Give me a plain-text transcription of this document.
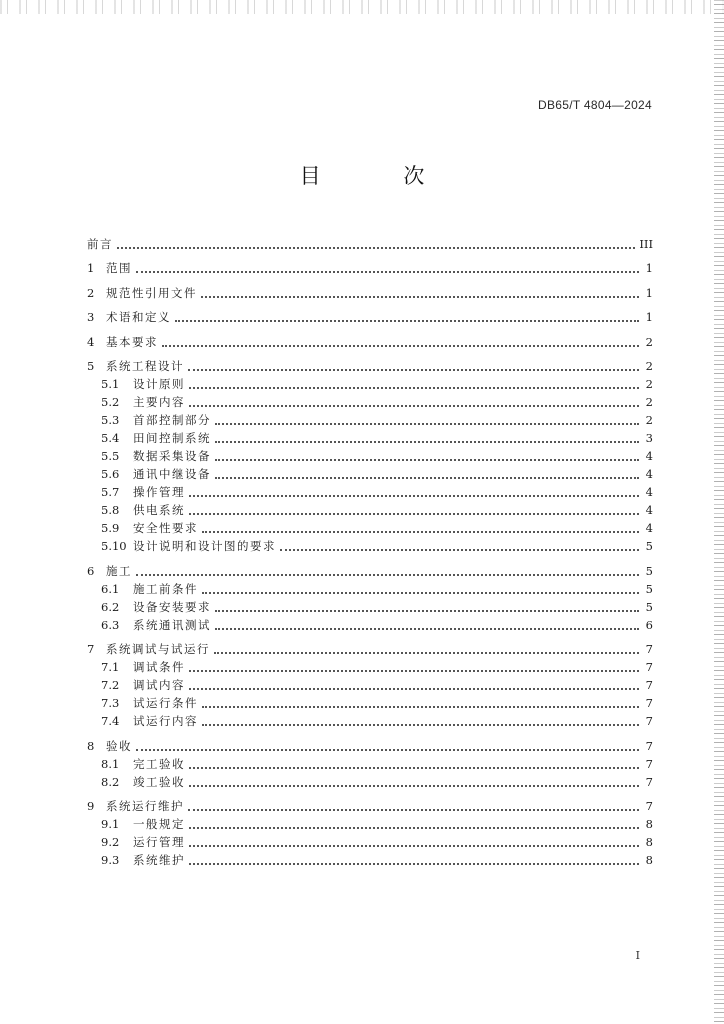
DB65/T 4804—2024
目 次
前言	III
1	范围	1
2	规范性引用文件	1
3	术语和定义	1
4	基本要求	2
5	系统工程设计	2
5.1	设计原则	2
5.2	主要内容	2
5.3	首部控制部分	2
5.4	田间控制系统	3
5.5	数据采集设备	4
5.6	通讯中继设备	4
5.7	操作管理	4
5.8	供电系统	4
5.9	安全性要求	4
5.10 设计说明和设计图的要求	5
6	施工	5
6.1	施工前条件	5
6.2	设备安装要求	5
6.3	系统通讯测试	6
7	系统调试与试运行	7
7.1	调试条件	7
7.2	调试内容	7
7.3	试运行条件	7
7.4	试运行内容	7
8	验收	7
8.1	完工验收	7
8.2	竣工验收	7
9	系统运行维护	7
9.1	一般规定	8
9.2	运行管理	8
9.3	系统维护	8
I
